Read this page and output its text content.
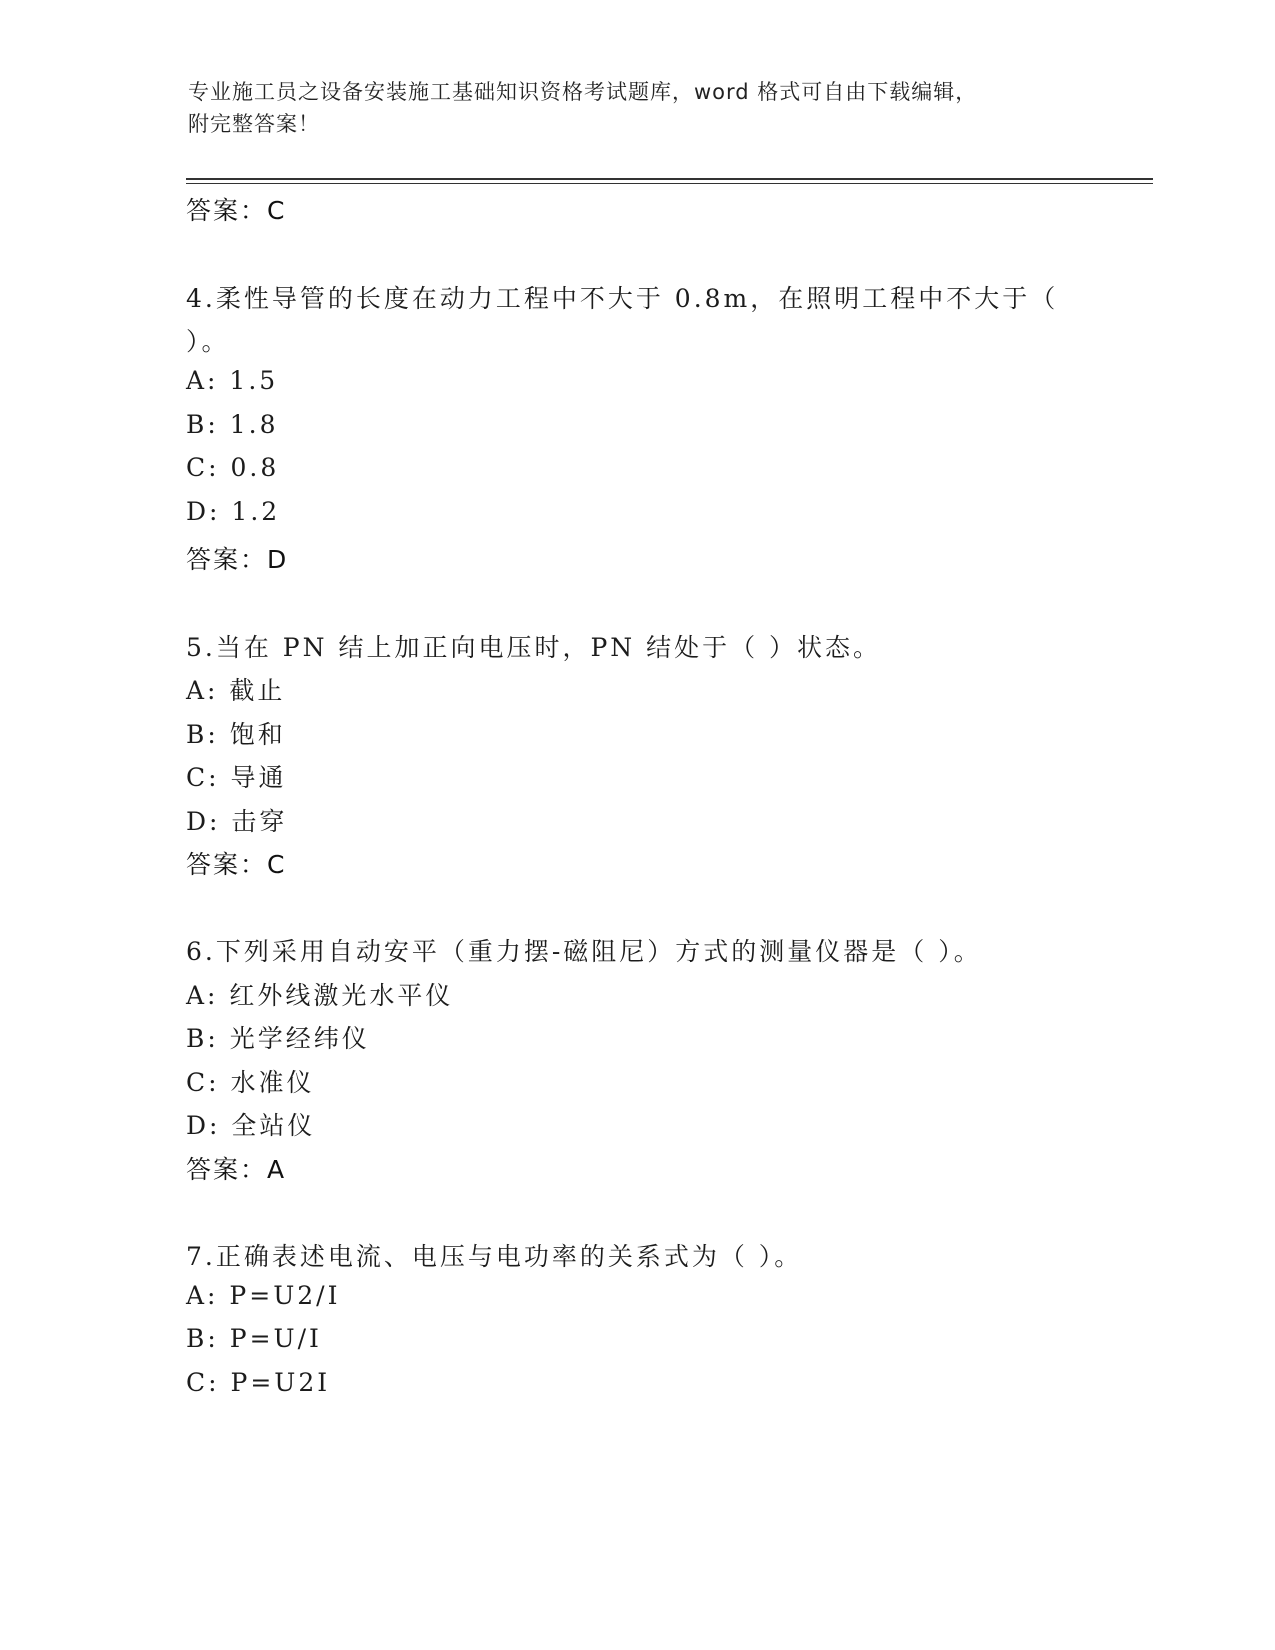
专业施工员之设备安装施工基础知识资格考试题库，word 格式可自由下载编辑，
附完整答案！
答案：C
4.柔性导管的长度在动力工程中不大于 0.8m，在照明工程中不大于（
）。
A: 1.5
B: 1.8
C: 0.8
D: 1.2
答案：D
5.当在 PN 结上加正向电压时，PN 结处于（ ）状态。
A: 截止
B: 饱和
C: 导通
D: 击穿
答案：C
6.下列采用自动安平（重力摆-磁阻尼）方式的测量仪器是（ ）。
A: 红外线激光水平仪
B: 光学经纬仪
C: 水准仪
D: 全站仪
答案：A
7.正确表述电流、电压与电功率的关系式为（ ）。
A: P=U2/I
B: P=U/I
C: P=U2I
